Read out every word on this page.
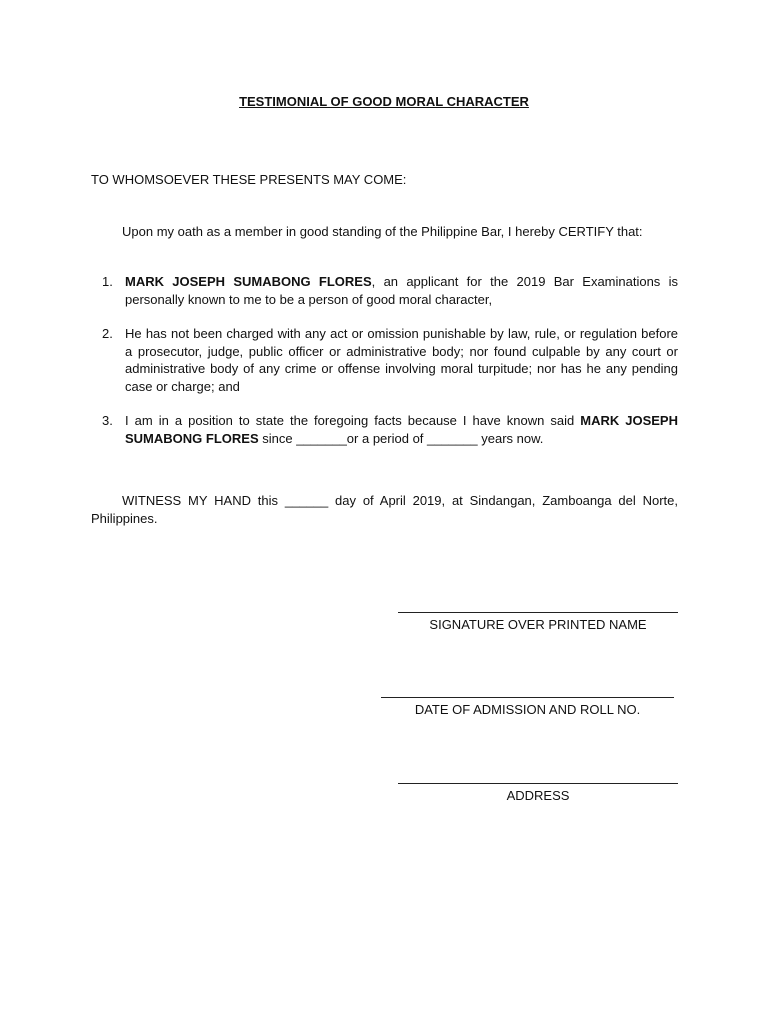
TESTIMONIAL OF GOOD MORAL CHARACTER
TO WHOMSOEVER THESE PRESENTS MAY COME:
Upon my oath as a member in good standing of the Philippine Bar, I hereby CERTIFY that:
1. MARK JOSEPH SUMABONG FLORES, an applicant for the 2019 Bar Examinations is personally known to me to be a person of good moral character,
2. He has not been charged with any act or omission punishable by law, rule, or regulation before a prosecutor, judge, public officer or administrative body; nor found culpable by any court or administrative body of any crime or offense involving moral turpitude; nor has he any pending case or charge; and
3. I am in a position to state the foregoing facts because I have known said MARK JOSEPH SUMABONG FLORES since _______or a period of _______ years now.

WITNESS MY HAND this ______ day of April 2019, at Sindangan, Zamboanga del Norte, Philippines.

SIGNATURE OVER PRINTED NAME
DATE OF ADMISSION AND ROLL NO.
ADDRESS
